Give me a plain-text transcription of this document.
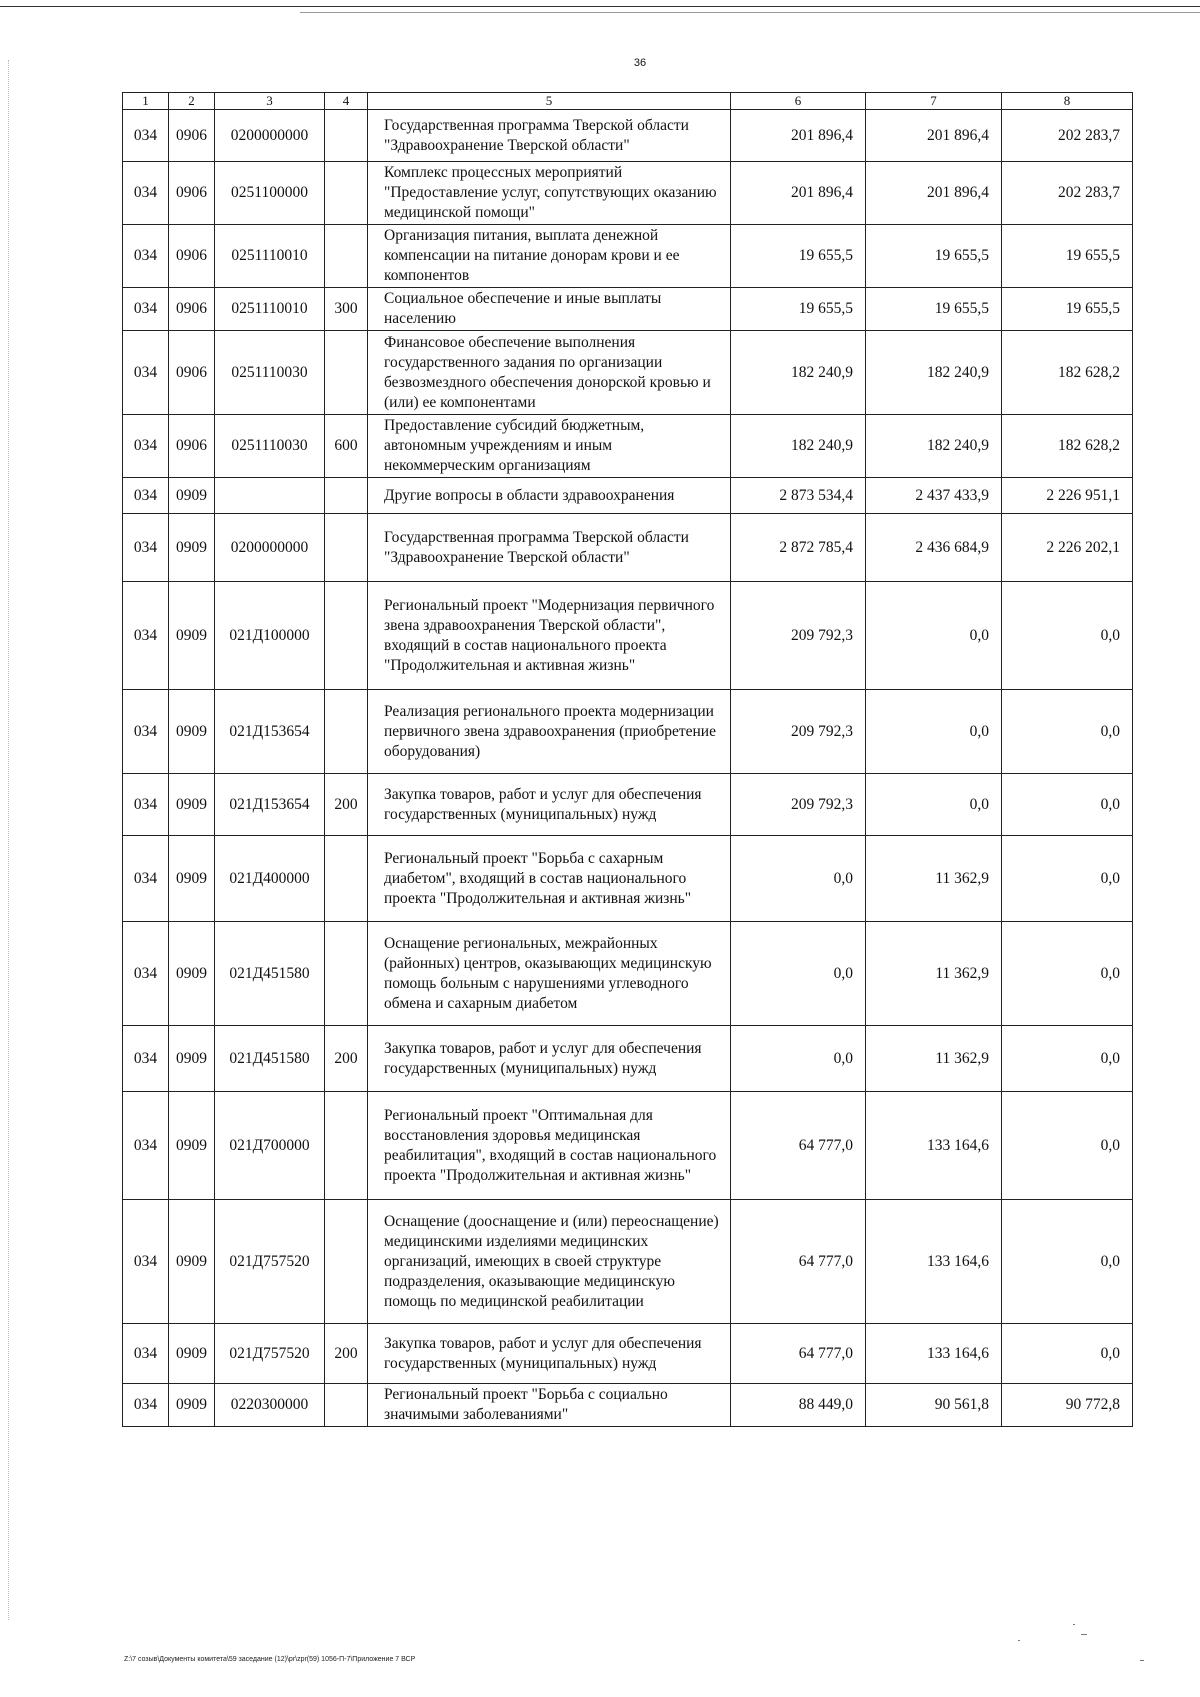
36
1	2	3	4	5	6	7	8
034	0906	0200000000		Государственная программа Тверской области "Здравоохранение Тверской области"	201 896,4	201 896,4	202 283,7
034	0906	0251100000		Комплекс процессных мероприятий "Предоставление услуг, сопутствующих оказанию медицинской помощи"	201 896,4	201 896,4	202 283,7
034	0906	0251110010		Организация питания, выплата денежной компенсации на питание донорам крови и ее компонентов	19 655,5	19 655,5	19 655,5
034	0906	0251110010	300	Социальное обеспечение и иные выплаты населению	19 655,5	19 655,5	19 655,5
034	0906	0251110030		Финансовое обеспечение выполнения государственного задания по организации безвозмездного обеспечения донорской кровью и (или) ее компонентами	182 240,9	182 240,9	182 628,2
034	0906	0251110030	600	Предоставление субсидий бюджетным, автономным учреждениям и иным некоммерческим организациям	182 240,9	182 240,9	182 628,2
034	0909			Другие вопросы в области здравоохранения	2 873 534,4	2 437 433,9	2 226 951,1
034	0909	0200000000		Государственная программа Тверской области "Здравоохранение Тверской области"	2 872 785,4	2 436 684,9	2 226 202,1
034	0909	021Д100000		Региональный проект "Модернизация первичного звена здравоохранения Тверской области", входящий в состав национального проекта "Продолжительная и активная жизнь"	209 792,3	0,0	0,0
034	0909	021Д153654		Реализация регионального проекта модернизации первичного звена здравоохранения (приобретение оборудования)	209 792,3	0,0	0,0
034	0909	021Д153654	200	Закупка товаров, работ и услуг для обеспечения государственных (муниципальных) нужд	209 792,3	0,0	0,0
034	0909	021Д400000		Региональный проект "Борьба с сахарным диабетом", входящий в состав национального проекта "Продолжительная и активная жизнь"	0,0	11 362,9	0,0
034	0909	021Д451580		Оснащение региональных, межрайонных (районных) центров, оказывающих медицинскую помощь больным с нарушениями углеводного обмена и сахарным диабетом	0,0	11 362,9	0,0
034	0909	021Д451580	200	Закупка товаров, работ и услуг для обеспечения государственных (муниципальных) нужд	0,0	11 362,9	0,0
034	0909	021Д700000		Региональный проект "Оптимальная для восстановления здоровья медицинская реабилитация", входящий в состав национального проекта "Продолжительная и активная жизнь"	64 777,0	133 164,6	0,0
034	0909	021Д757520		Оснащение (дооснащение и (или) переоснащение) медицинскими изделиями медицинских организаций, имеющих в своей структуре подразделения, оказывающие медицинскую помощь по медицинской реабилитации	64 777,0	133 164,6	0,0
034	0909	021Д757520	200	Закупка товаров, работ и услуг для обеспечения государственных (муниципальных) нужд	64 777,0	133 164,6	0,0
034	0909	0220300000		Региональный проект "Борьба с социально значимыми заболеваниями"	88 449,0	90 561,8	90 772,8
Z:\7 созыв\Документы комитета\59 заседание (12)\pr\zpr(59) 1056-П-7\Приложение 7 ВСР
